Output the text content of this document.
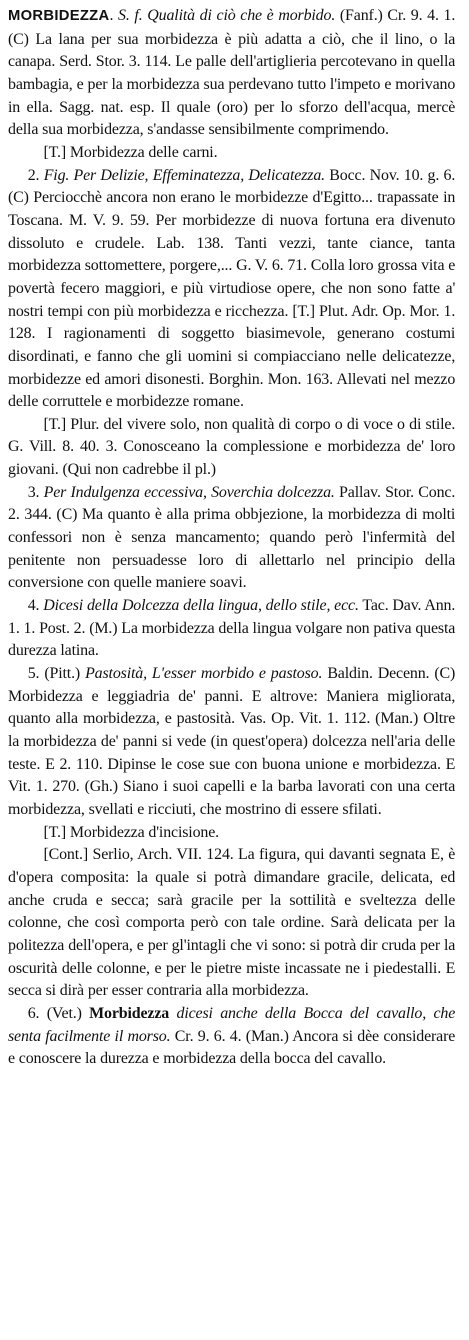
MORBIDEZZA. S. f. Qualità di ciò che è morbido. (Fanf.) Cr. 9. 4. 1. (C) La lana per sua morbidezza è più adatta a ciò, che il lino, o la canapa. Serd. Stor. 3. 114. Le palle dell'artiglieria percotevano in quella bambagia, e per la morbidezza sua perdevano tutto l'impeto e morivano in ella. Sagg. nat. esp. Il quale (oro) per lo sforzo dell'acqua, mercè della sua morbidezza, s'andasse sensibilmente comprimendo.

[T.] Morbidezza delle carni.

2. Fig. Per Delizie, Effeminatezza, Delicatezza. Bocc. Nov. 10. g. 6. (C) Perciocchè ancora non erano le morbidezze d'Egitto... trapassate in Toscana. M. V. 9. 59. Per morbidezze di nuova fortuna era divenuto dissoluto e crudele. Lab. 138. Tanti vezzi, tante ciance, tanta morbidezza sottomettere, porgere,... G. V. 6. 71. Colla loro grossa vita e povertà fecero maggiori, e più virtudiose opere, che non sono fatte a' nostri tempi con più morbidezza e ricchezza. [T.] Plut. Adr. Op. Mor. 1. 128. I ragionamenti di soggetto biasimevole, generano costumi disordinati, e fanno che gli uomini si compiacciano nelle delicatezze, morbidezze ed amori disonesti. Borghin. Mon. 163. Allevati nel mezzo delle corruttele e morbidezze romane.

[T.] Plur. del vivere solo, non qualità di corpo o di voce o di stile. G. Vill. 8. 40. 3. Conosceano la complessione e morbidezza de' loro giovani. (Qui non cadrebbe il pl.)

3. Per Indulgenza eccessiva, Soverchia dolcezza. Pallav. Stor. Conc. 2. 344. (C) Ma quanto è alla prima obbjezione, la morbidezza di molti confessori non è senza mancamento; quando però l'infermità del penitente non persuadesse loro di allettarlo nel principio della conversione con quelle maniere soavi.

4. Dicesi della Dolcezza della lingua, dello stile, ecc. Tac. Dav. Ann. 1. 1. Post. 2. (M.) La morbidezza della lingua volgare non pativa questa durezza latina.

5. (Pitt.) Pastosità, L'esser morbido e pastoso. Baldin. Decenn. (C) Morbidezza e leggiadria de' panni. E altrove: Maniera migliorata, quanto alla morbidezza, e pastosità. Vas. Op. Vit. 1. 112. (Man.) Oltre la morbidezza de' panni si vede (in quest'opera) dolcezza nell'aria delle teste. E 2. 110. Dipinse le cose sue con buona unione e morbidezza. E Vit. 1. 270. (Gh.) Siano i suoi capelli e la barba lavorati con una certa morbidezza, svellati e ricciuti, che mostrino di essere sfilati.

[T.] Morbidezza d'incisione.

[Cont.] Serlio, Arch. VII. 124. La figura, qui davanti segnata E, è d'opera composita: la quale si potrà dimandare gracile, delicata, ed anche cruda e secca; sarà gracile per la sottilità e sveltezza delle colonne, che così comporta però con tale ordine. Sarà delicata per la politezza dell'opera, e per gl'intagli che vi sono: si potrà dir cruda per la oscurità delle colonne, e per le pietre miste incassate ne i piedestalli. E secca si dirà per esser contraria alla morbidezza.

6. (Vet.) Morbidezza dicesi anche della Bocca del cavallo, che senta facilmente il morso. Cr. 9. 6. 4. (Man.) Ancora si dèe considerare e conoscere la durezza e morbidezza della bocca del cavallo.
